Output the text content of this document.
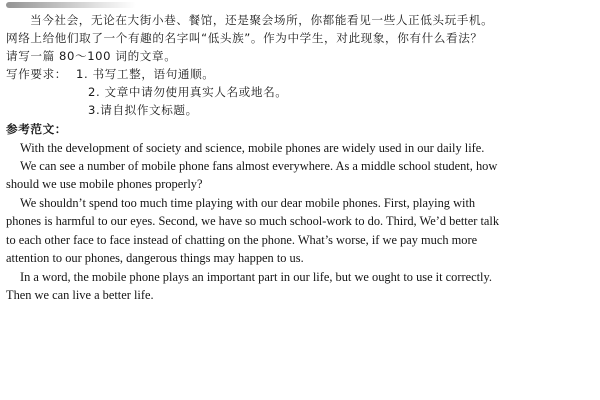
当今社会，无论在大街小巷、餐馆，还是聚会场所，你都能看见一些人正低头玩手机。
网络上给他们取了一个有趣的名字叫“低头族”。作为中学生，对此现象，你有什么看法？
请写一篇 80～100 词的文章。
写作要求： 1. 书写工整，语句通顺。
2. 文章中请勿使用真实人名或地名。
3.请自拟作文标题。
参考范文：
With the development of society and science, mobile phones are widely used in our daily life.
We can see a number of mobile phone fans almost everywhere. As a middle school student, how
should we use mobile phones properly?
We shouldn’t spend too much time playing with our dear mobile phones. First, playing with
phones is harmful to our eyes. Second, we have so much school-work to do. Third, We’d better talk
to each other face to face instead of chatting on the phone. What’s worse, if we pay much more
attention to our phones, dangerous things may happen to us.
In a word, the mobile phone plays an important part in our life, but we ought to use it correctly.
Then we can live a better life.
